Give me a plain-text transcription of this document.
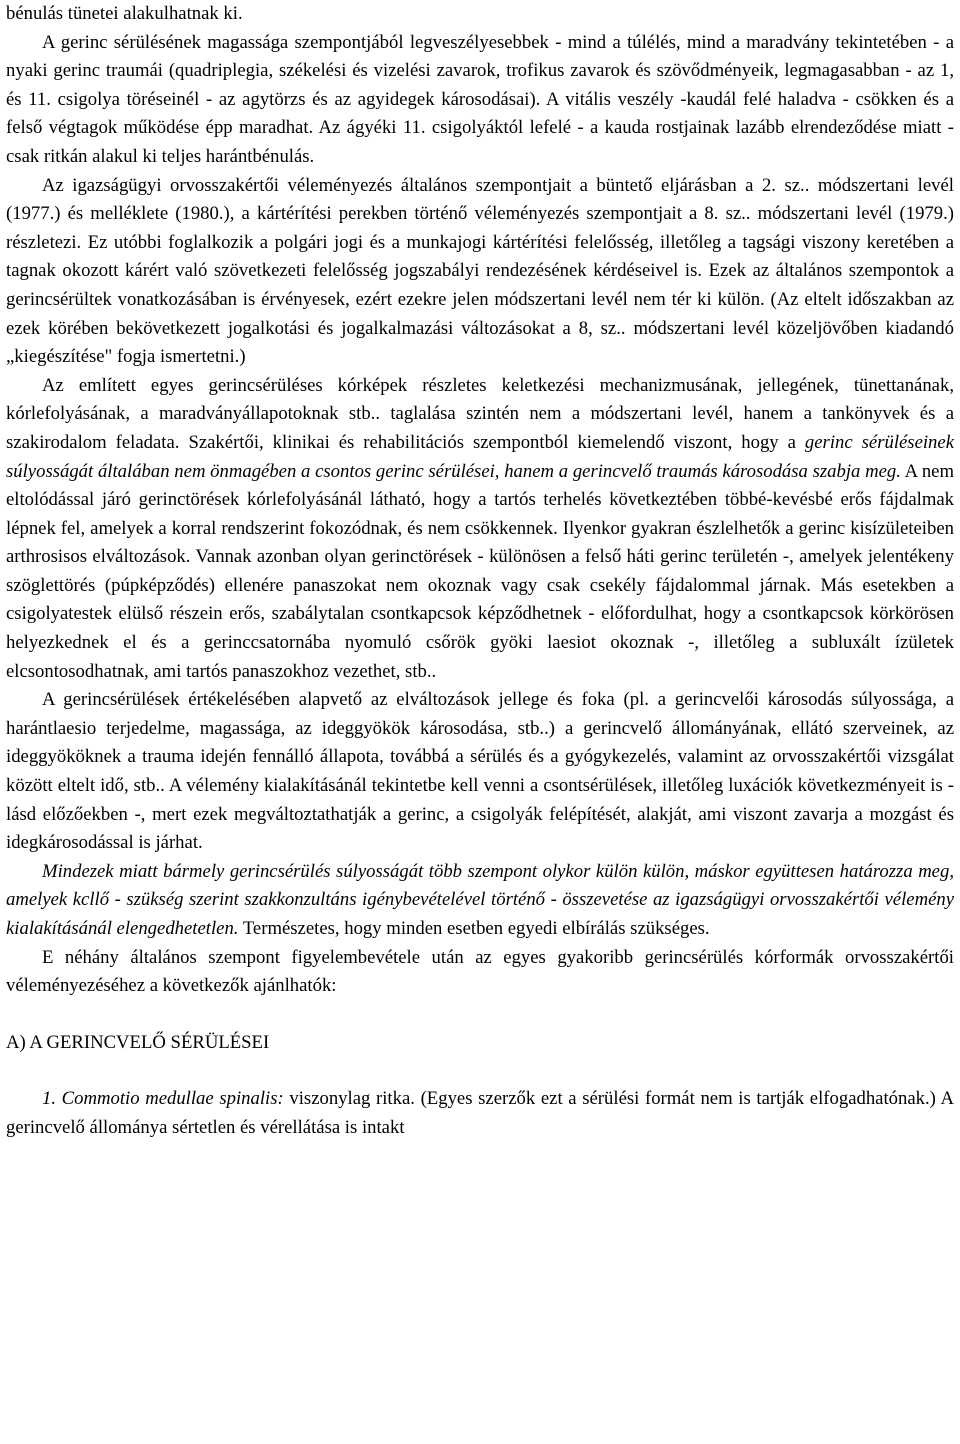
bénulás tünetei alakulhatnak ki.

A gerinc sérülésének magassága szempontjából legveszélyesebbek - mind a túlélés, mind a maradvány tekintetében - a nyaki gerinc traumái (quadriplegia, székelési és vizelési zavarok, trofikus zavarok és szövődményeik, legmagasabban - az 1, és 11. csigolya töréseinél - az agytörzs és az agyidegek károsodásai). A vitális veszély -kaudál felé haladva - csökken és a felső végtagok működése épp maradhat. Az ágyéki 11. csigolyáktól lefelé - a kauda rostjainak lazább elrendeződése miatt - csak ritkán alakul ki teljes harántbénulás.

Az igazságügyi orvosszakértői véleményezés általános szempontjait a büntető eljárásban a 2. sz.. módszertani levél (1977.) és melléklete (1980.), a kártérítési perekben történő véleményezés szempontjait a 8. sz.. módszertani levél (1979.) részletezi. Ez utóbbi foglalkozik a polgári jogi és a munkajogi kártérítési felelősség, illetőleg a tagsági viszony keretében a tagnak okozott kárért való szövetkezeti felelősség jogszabályi rendezésének kérdéseivel is. Ezek az általános szempontok a gerincsérültek vonatkozásában is érvényesek, ezért ezekre jelen módszertani levél nem tér ki külön. (Az eltelt időszakban az ezek körében bekövetkezett jogalkotási és jogalkalmazási változásokat a 8, sz.. módszertani levél közeljövőben kiadandó „kiegészítése" fogja ismertetni.)

Az említett egyes gerincsérüléses kórképek részletes keletkezési mechanizmusának, jellegének, tünettanának, kórlefolyásának, a maradványállapotoknak stb.. taglalása szintén nem a módszertani levél, hanem a tankönyvek és a szakirodalom feladata. Szakértői, klinikai és rehabilitációs szempontból kiemelendő viszont, hogy a gerinc sérüléseinek súlyosságát általában nem önmagében a csontos gerinc sérülései, hanem a gerincvelő traumás károsodása szabja meg. A nem eltolódással járó gerinctörések kórlefolyásánál látható, hogy a tartós terhelés következtében többé-kevésbé erős fájdalmak lépnek fel, amelyek a korral rendszerint fokozódnak, és nem csökkennek. Ilyenkor gyakran észlelhetők a gerinc kisízületeiben arthrosisos elváltozások. Vannak azonban olyan gerinctörések - különösen a felső háti gerinc területén -, amelyek jelentékeny szöglettörés (púpképződés) ellenére panaszokat nem okoznak vagy csak csekély fájdalommal járnak. Más esetekben a csigolyatestek elülső részein erős, szabálytalan csontkapcsok képződhetnek - előfordulhat, hogy a csontkapcsok körkörösen helyezkednek el és a gerinccsatornába nyomuló csőrök gyöki laesiot okoznak -, illetőleg a subluxált ízületek elcsontosodhatnak, ami tartós panaszokhoz vezethet, stb..

A gerincsérülések értékelésében alapvető az elváltozások jellege és foka (pl. a gerincvelői károsodás súlyossága, a harántlaesio terjedelme, magassága, az ideggyökök károsodása, stb..) a gerincvelő állományának, ellátó szerveinek, az ideggyököknek a trauma idején fennálló állapota, továbbá a sérülés és a gyógykezelés, valamint az orvosszakértői vizsgálat között eltelt idő, stb.. A vélemény kialakításánál tekintetbe kell venni a csontsérülések, illetőleg luxációk következményeit is - lásd előzőekben -, mert ezek megváltoztathatják a gerinc, a csigolyák felépítését, alakját, ami viszont zavarja a mozgást és idegkárosodással is járhat.

Mindezek miatt bármely gerincsérülés súlyosságát több szempont olykor külön külön, máskor együttesen határozza meg, amelyek kcllő - szükség szerint szakkonzultáns igénybevételével történő - összevetése az igazságügyi orvosszakértői vélemény kialakításánál elengedhetetlen. Természetes, hogy minden esetben egyedi elbírálás szükséges.

E néhány általános szempont figyelembevétele után az egyes gyakoribb gerincsérülés kórformák orvosszakértői véleményezéséhez a következők ajánlhatók:

A) A GERINCVELŐ SÉRÜLÉSEI

1. Commotio medullae spinalis: viszonylag ritka. (Egyes szerzők ezt a sérülési formát nem is tartják elfogadhatónak.) A gerincvelő állománya sértetlen és vérellátása is intakt
